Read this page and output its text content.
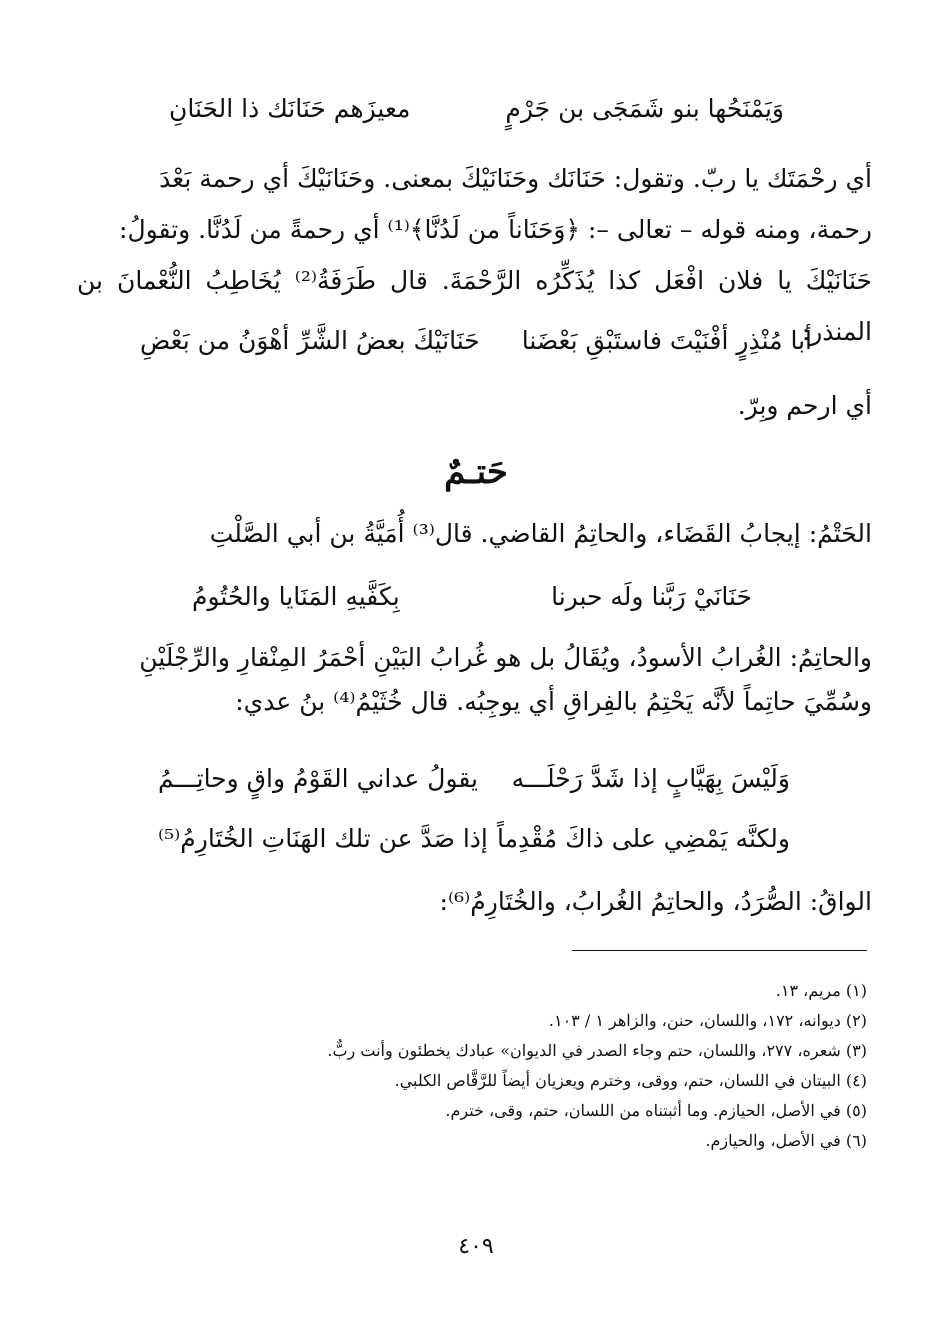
وَيَمْنَحُها بنو شَمَجَى بن جَرْمٍ
معيزَهم حَنَانَك ذا الحَنَانِ

أي رحْمَتَك يا ربّ. وتقول: حَنَانَك وحَنَانَيْكَ بمعنى. وحَنَانَيْكَ أي رحمة بَعْدَ

رحمة، ومنه قوله – تعالى –: ﴿وَحَنَاناً من لَدُنَّا﴾⁽¹⁾ أي رحمةً من لَدُنَّا. وتقولُ:

حَنَانَيْكَ يا فلان افْعَل كذا يُذَكِّرُه الرَّحْمَةَ. قال طَرَفَةُ⁽²⁾ يُخَاطِبُ النُّعْمانَ بن المنذر:

أبا مُنْذِرٍ أفْنَيْتَ فاستَبْقِ بَعْضَنا
حَنَانَيْكَ بعضُ الشَّرِّ أهْوَنُ من بَعْضِ

أي ارحم وبِرّ.

حَتـمٌ

الحَتْمُ: إيجابُ القَضَاء، والحاتِمُ القاضي. قال⁽³⁾ أُمَيَّةُ بن أبي الصَّلْتِ

حَنَانَيْ رَبَّنا ولَه حبرنا
بِكَفَّيهِ المَنَايا والحُتُومُ

والحاتِمُ: الغُرابُ الأسودُ، ويُقَالُ بل هو غُرابُ البَيْنِ أحْمَرُ المِنْقارِ والرِّجْلَيْنِ

وسُمِّيَ حاتِماً لأنَّه يَحْتِمُ بالفِراقِ أي يوجِبُه. قال خُثَيْمُ⁽⁴⁾ بنُ عدي:

وَلَيْسَ بِهَيَّابٍ إذا شَدَّ رَحْلَـــه
يقولُ عداني القَوْمُ واقٍ وحاتِـــمُ
ولكنَّه يَمْضِي على ذاكَ مُقْدِماً
إذا صَدَّ عن تلك الهَنَاتِ الخُتَارِمُ⁽⁵⁾

الواقُ: الصُّرَدُ، والحاتِمُ الغُرابُ، والخُتَارِمُ⁽⁶⁾:

(١) مريم، ١٣.
(٢) ديوانه، ١٧٢، واللسان، حنن، والزاهر ١ / ١٠٣.
(٣) شعره، ٢٧٧، واللسان، حتم وجاء الصدر في الديوان» عبادك يخطئون وأنت ربٌّ.
(٤) البيتان في اللسان، حتم، ووقى، وخترم ويعزيان أيضاً للرَّقَّاص الكلبي.
(٥) في الأصل، الحيازم. وما أثبتناه من اللسان، حتم، وقى، خترم.
(٦) في الأصل، والحيازم.
٤٠٩
